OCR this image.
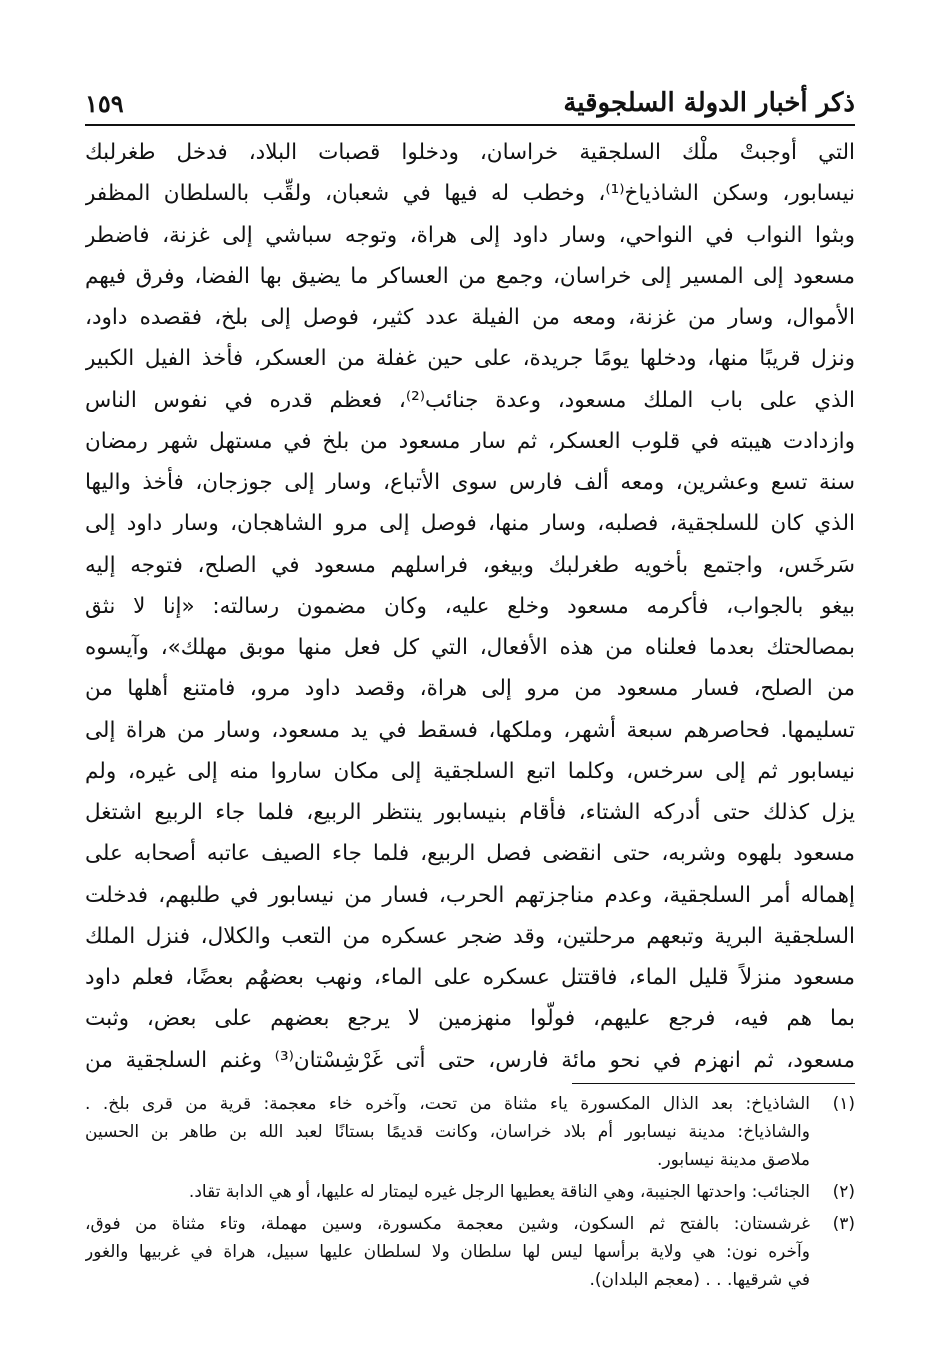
ذكر أخبار الدولة السلجوقية
١٥٩
التي أوجبتْ ملْك السلجقية خراسان، ودخلوا قصبات البلاد، فدخل طغرلبك
نيسابور، وسكن الشاذياخ⁽¹⁾، وخطب له فيها في شعبان، ولقِّب بالسلطان المظفر
وبثوا النواب في النواحي، وسار داود إلى هراة، وتوجه سباشي إلى غزنة، فاضطر
مسعود إلى المسير إلى خراسان، وجمع من العساكر ما يضيق بها الفضا، وفرق فيهم
الأموال، وسار من غزنة، ومعه من الفيلة عدد كثير، فوصل إلى بلخ، فقصده داود،
ونزل قريبًا منها، ودخلها يومًا جريدة، على حين غفلة من العسكر، فأخذ الفيل الكبير
الذي على باب الملك مسعود، وعدة جنائب⁽²⁾، فعظم قدره في نفوس الناس
وازدادت هيبته في قلوب العسكر، ثم سار مسعود من بلخ في مستهل شهر رمضان
سنة تسع وعشرين، ومعه ألف فارس سوى الأتباع، وسار إلى جوزجان، فأخذ واليها
الذي كان للسلجقية، فصلبه، وسار منها، فوصل إلى مرو الشاهجان، وسار داود إلى
سَرخَس، واجتمع بأخويه طغرلبك وبيغو، فراسلهم مسعود في الصلح، فتوجه إليه
بيغو بالجواب، فأكرمه مسعود وخلع عليه، وكان مضمون رسالته: «إنا لا نثق
بمصالحتك بعدما فعلناه من هذه الأفعال، التي كل فعل منها موبق مهلك»، وآيسوه
من الصلح، فسار مسعود من مرو إلى هراة، وقصد داود مرو، فامتنع أهلها من
تسليمها. فحاصرهم سبعة أشهر، وملكها، فسقط في يد مسعود، وسار من هراة إلى
نيسابور ثم إلى سرخس، وكلما اتبع السلجقية إلى مكان ساروا منه إلى غيره، ولم
يزل كذلك حتى أدركه الشتاء، فأقام بنيسابور ينتظر الربيع، فلما جاء الربيع اشتغل
مسعود بلهوه وشربه، حتى انقضى فصل الربيع، فلما جاء الصيف عاتبه أصحابه على
إهماله أمر السلجقية، وعدم مناجزتهم الحرب، فسار من نيسابور في طلبهم، فدخلت
السلجقية البرية وتبعهم مرحلتين، وقد ضجر عسكره من التعب والكلال، فنزل الملك
مسعود منزلاً قليل الماء، فاقتتل عسكره على الماء، ونهب بعضهُم بعضًا، فعلم داود
بما هم فيه، فرجع عليهم، فولّوا منهزمين لا يرجع بعضهم على بعض، وثبت
مسعود، ثم انهزم في نحو مائة فارس، حتى أتى غَرْشِسْتان⁽³⁾ وغنم السلجقية من
(١)
الشاذياخ: بعد الذال المكسورة ياء مثناة من تحت، وآخره خاء معجمة: قرية من قرى بلخ. .
والشاذياخ: مدينة نيسابور أم بلاد خراسان، وكانت قديمًا بستانًا لعبد الله بن طاهر بن الحسين
ملاصق مدينة نيسابور.
(٢)
الجنائب: واحدتها الجنيبة، وهي الناقة يعطيها الرجل غيره ليمتار له عليها، أو هي الدابة تقاد.
(٣)
غرشستان: بالفتح ثم السكون، وشين معجمة مكسورة، وسين مهملة، وتاء مثناة من فوق،
وآخره نون: هي ولاية برأسها ليس لها سلطان ولا لسلطان عليها سبيل، هراة في غربيها والغور
في شرقيها. . . (معجم البلدان).
